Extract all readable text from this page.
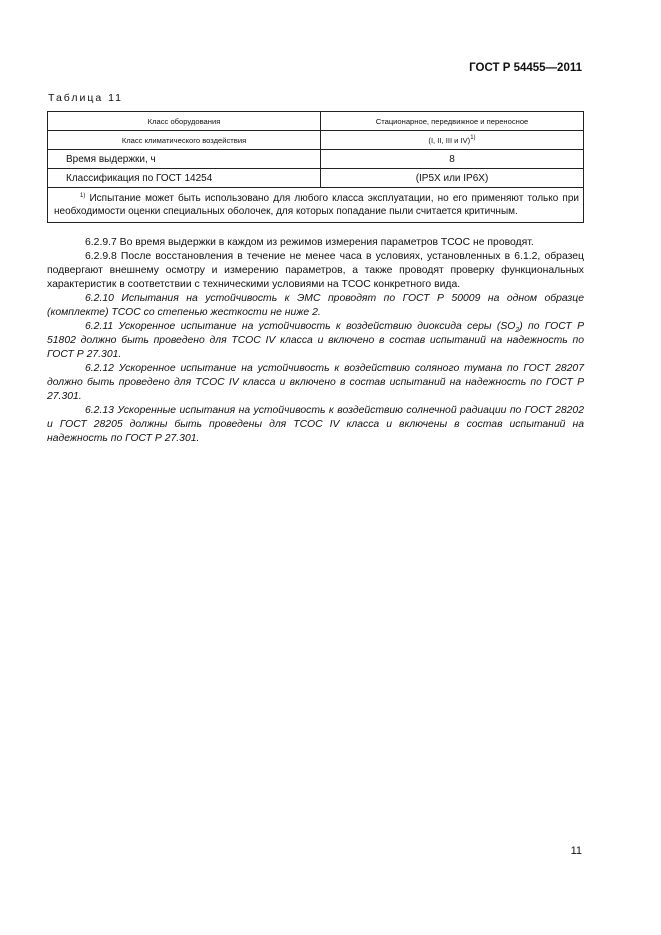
ГОСТ Р 54455—2011
Таблица 11
Класс оборудования	Стационарное, передвижное и переносное
Класс климатического воздействия	(I, II, III и IV)$^{1)}$
Время выдержки, ч	8
Классификация по ГОСТ 14254	(IP5X или IP6X)
$^{1)}$ Испытание может быть использовано для любого класса эксплуатации, но его применяют только при необходимости оценки специальных оболочек, для которых попадание пыли считается критичным.	

6.2.9.7 Во время выдержки в каждом из режимов измерения параметров ТСОС не проводят.

6.2.9.8 После восстановления в течение не менее часа в условиях, установленных в 6.1.2, образец подвергают внешнему осмотру и измерению параметров, а также проводят проверку функциональных характеристик в соответствии с техническими условиями на ТСОС конкретного вида.

6.2.10 Испытания на устойчивость к ЭМС проводят по ГОСТ Р 50009 на одном образце (комплекте) ТСОС со степенью жесткости не ниже 2.

6.2.11 Ускоренное испытание на устойчивость к воздействию диоксида серы $(SO_2)$ по ГОСТ Р 51802 должно быть проведено для ТСОС IV класса и включено в состав испытаний на надежность по ГОСТ Р 27.301.

6.2.12 Ускоренное испытание на устойчивость к воздействию соляного тумана по ГОСТ 28207 должно быть проведено для ТСОС IV класса и включено в состав испытаний на надежность по ГОСТ Р 27.301.

6.2.13 Ускоренные испытания на устойчивость к воздействию солнечной радиации по ГОСТ 28202 и ГОСТ 28205 должны быть проведены для ТСОС IV класса и включены в состав испытаний на надежность по ГОСТ Р 27.301.

11
